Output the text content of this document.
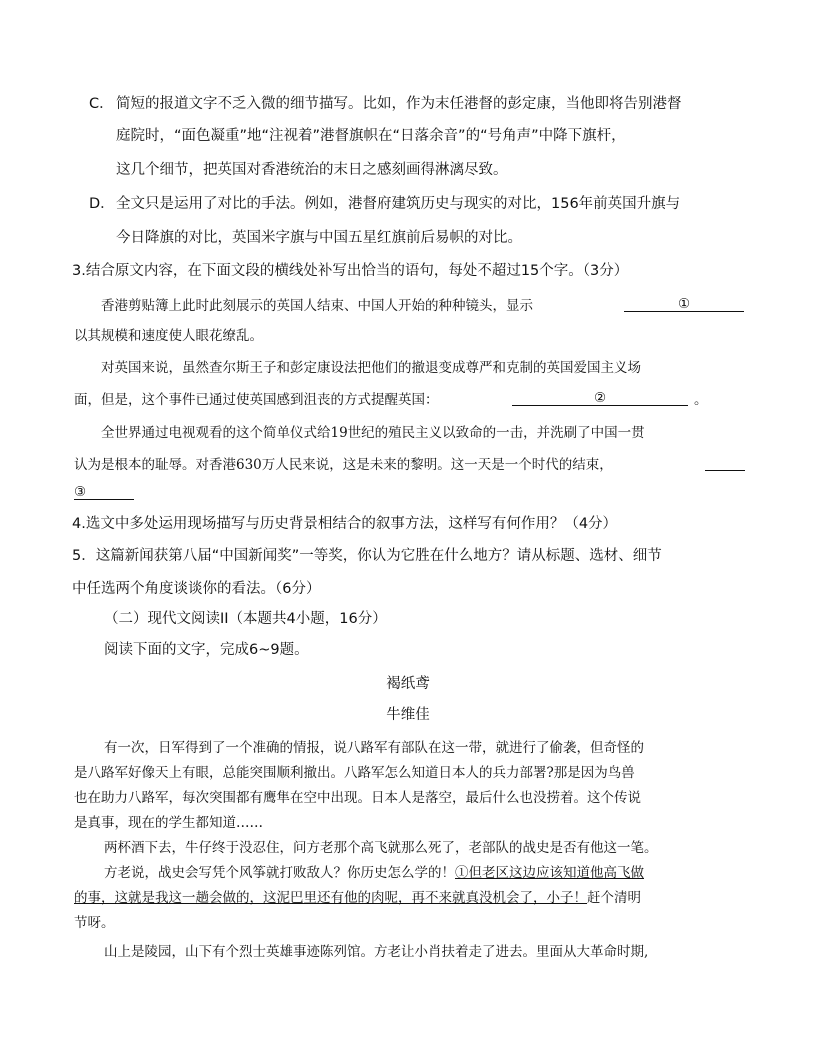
C． 简短的报道文字不乏入微的细节描写。比如，作为末任港督的彭定康，当他即将告别港督
庭院时，“面色凝重”地“注视着”港督旗帜在“日落余音”的“号角声”中降下旗杆，
这几个细节，把英国对香港统治的末日之感刻画得淋漓尽致。
D． 全文只是运用了对比的手法。例如，港督府建筑历史与现实的对比，156年前英国升旗与
今日降旗的对比，英国米字旗与中国五星红旗前后易帜的对比。
3.结合原文内容，在下面文段的横线处补写出恰当的语句，每处不超过15个字。（3分）
香港剪贴簿上此时此刻展示的英国人结束、中国人开始的种种镜头，显示	①
以其规模和速度使人眼花缭乱。
对英国来说，虽然查尔斯王子和彭定康设法把他们的撤退变成尊严和克制的英国爱国主义场
面，但是，这个事件已通过使英国感到沮丧的方式提醒英国：	②	。
全世界通过电视观看的这个简单仪式给19世纪的殖民主义以致命的一击，并洗刷了中国一贯
认为是根本的耻辱。对香港630万人民来说，这是未来的黎明。这一天是一个时代的结束，
③
4.选文中多处运用现场描写与历史背景相结合的叙事方法，这样写有何作用？（4分）
5．这篇新闻获第八届“中国新闻奖”一等奖，你认为它胜在什么地方？请从标题、选材、细节
中任选两个角度谈谈你的看法。（6分）
（二）现代文阅读II（本题共4小题，16分）
阅读下面的文字，完成6~9题。
褐纸鸢
牛维佳
有一次，日军得到了一个准确的情报，说八路军有部队在这一带，就进行了偷袭，但奇怪的
是八路军好像天上有眼，总能突围顺利撤出。八路军怎么知道日本人的兵力部署?那是因为鸟兽
也在助力八路军，每次突围都有鹰隼在空中出现。日本人是落空，最后什么也没捞着。这个传说
是真事，现在的学生都知道……
两杯酒下去，牛仔终于没忍住，问方老那个高飞就那么死了，老部队的战史是否有他这一笔。
方老说，战史会写凭个风筝就打败敌人？你历史怎么学的！①但老区这边应该知道他高飞做
的事，这就是我这一趟会做的，这泥巴里还有他的肉呢，再不来就真没机会了，小子！赶个清明
节呀。
山上是陵园，山下有个烈士英雄事迹陈列馆。方老让小肖扶着走了进去。里面从大革命时期,
